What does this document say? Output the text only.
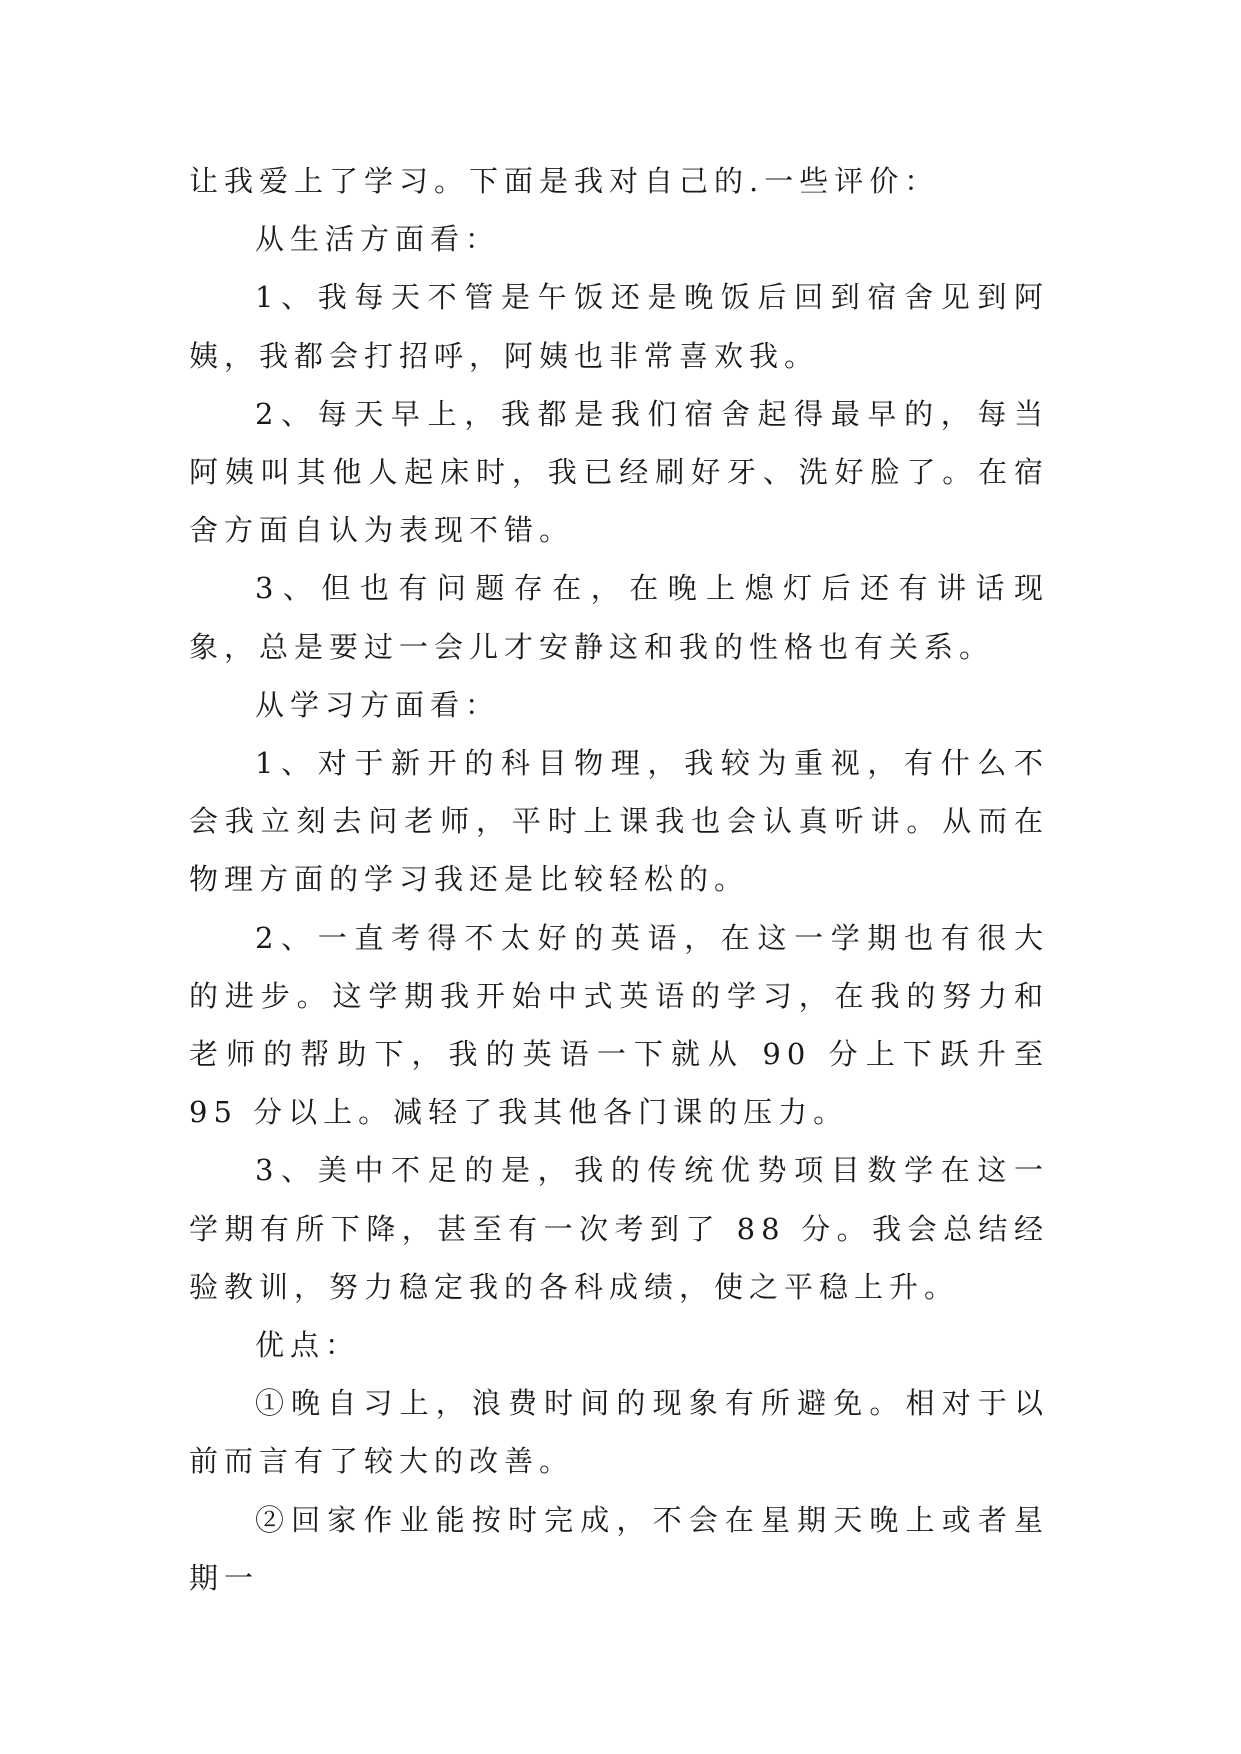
让我爱上了学习。下面是我对自己的.一些评价：

从生活方面看：

1、我每天不管是午饭还是晚饭后回到宿舍见到阿姨，我都会打招呼，阿姨也非常喜欢我。

2、每天早上，我都是我们宿舍起得最早的，每当阿姨叫其他人起床时，我已经刷好牙、洗好脸了。在宿舍方面自认为表现不错。

3、但也有问题存在，在晚上熄灯后还有讲话现象，总是要过一会儿才安静这和我的性格也有关系。

从学习方面看：

1、对于新开的科目物理，我较为重视，有什么不会我立刻去问老师，平时上课我也会认真听讲。从而在物理方面的学习我还是比较轻松的。

2、一直考得不太好的英语，在这一学期也有很大的进步。这学期我开始中式英语的学习，在我的努力和老师的帮助下，我的英语一下就从 90 分上下跃升至 95 分以上。减轻了我其他各门课的压力。

3、美中不足的是，我的传统优势项目数学在这一学期有所下降，甚至有一次考到了 88 分。我会总结经验教训，努力稳定我的各科成绩，使之平稳上升。

优点：

①晚自习上，浪费时间的现象有所避免。相对于以前而言有了较大的改善。

②回家作业能按时完成，不会在星期天晚上或者星期一
